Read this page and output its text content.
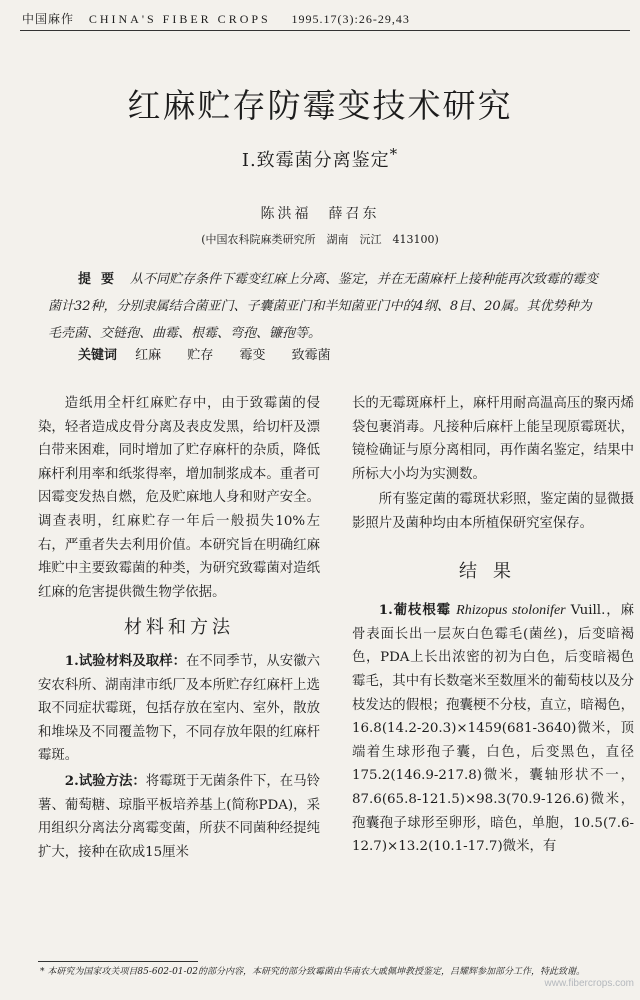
中国麻作 CHINA'S FIBER CROPS 1995.17(3):26-29,43
红麻贮存防霉变技术研究
Ⅰ.致霉菌分离鉴定*
陈洪福　薛召东
(中国农科院麻类研究所　湖南　沅江　413100)
提要 从不同贮存条件下霉变红麻上分离、鉴定，并在无菌麻杆上接种能再次致霉的霉变菌计32种，分别隶属结合菌亚门、子囊菌亚门和半知菌亚门中的4纲、8目、20属。其优势种为毛壳菌、交链孢、曲霉、根霉、弯孢、镰孢等。
关键词 红麻 贮存 霉变 致霉菌

造纸用全杆红麻贮存中，由于致霉菌的侵染，轻者造成皮骨分离及表皮发黑，给切杆及漂白带来困难，同时增加了贮存麻杆的杂质，降低麻杆利用率和纸浆得率，增加制浆成本。重者可因霉变发热自燃，危及贮麻地人身和财产安全。调查表明，红麻贮存一年后一般损失10%左右，严重者失去利用价值。本研究旨在明确红麻堆贮中主要致霉菌的种类，为研究致霉菌对造纸红麻的危害提供微生物学依据。

材料和方法

1.试验材料及取样：在不同季节，从安徽六安农科所、湖南津市纸厂及本所贮存红麻杆上选取不同症状霉斑，包括存放在室内、室外，散放和堆垛及不同覆盖物下，不同存放年限的红麻杆霉斑。

2.试验方法：将霉斑于无菌条件下，在马铃薯、葡萄糖、琼脂平板培养基上(简称PDA)，采用组织分离法分离霉变菌，所获不同菌种经提纯扩大，接种在砍成15厘米

长的无霉斑麻杆上，麻杆用耐高温高压的聚丙烯袋包裹消毒。凡接种后麻杆上能呈现原霉斑状，镜检确证与原分离相同，再作菌名鉴定，结果中所标大小均为实测数。

所有鉴定菌的霉斑状彩照，鉴定菌的显微摄影照片及菌种均由本所植保研究室保存。

结果

1.葡枝根霉 Rhizopus stolonifer Vuill.，麻骨表面长出一层灰白色霉毛(菌丝)，后变暗褐色，PDA上长出浓密的初为白色，后变暗褐色霉毛，其中有长数毫米至数厘米的葡萄枝以及分枝发达的假根；孢囊梗不分枝，直立，暗褐色，16.8(14.2-20.3)×1459(681-3640)微米，顶端着生球形孢子囊，白色，后变黑色，直径175.2(146.9-217.8)微米，囊轴形状不一，87.6(65.8-121.5)×98.3(70.9-126.6)微米，孢囊孢子球形至卵形，暗色，单胞，10.5(7.6-12.7)×13.2(10.1-17.7)微米，有

* 本研究为国家攻关项目85-602-01-02的部分内容，本研究的部分致霉菌由华南农大戚佩坤教授鉴定，吕耀辉参加部分工作，特此致谢。
www.fibercrops.com
